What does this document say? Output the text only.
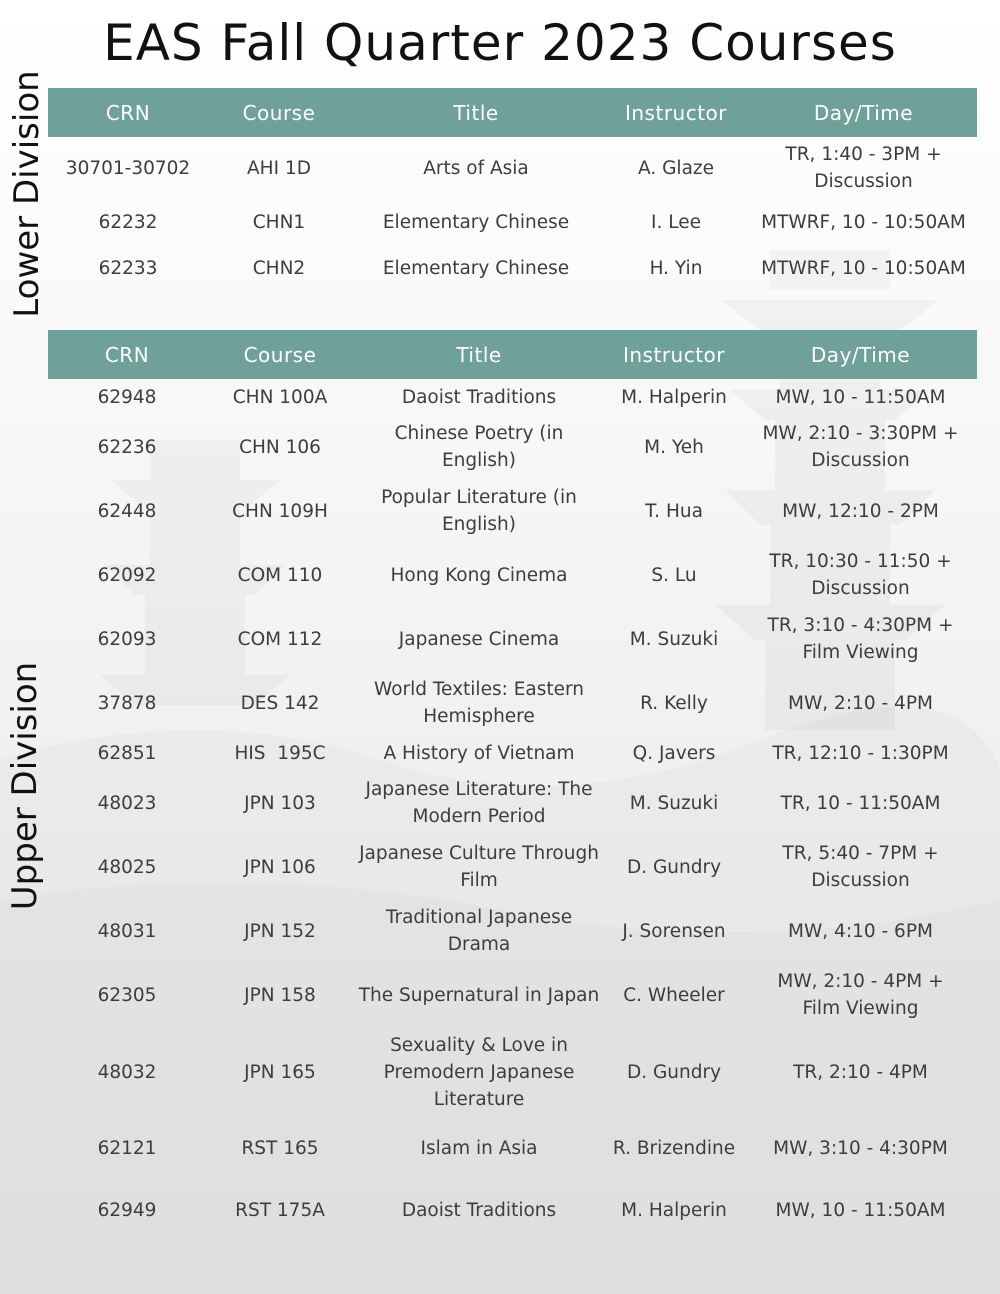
EAS Fall Quarter 2023 Courses
Lower Division
Upper Division
CRN	Course	Title	Instructor	Day/Time
30701-30702	AHI 1D	Arts of Asia	A. Glaze	TR, 1:40 - 3PM + Discussion
62232	CHN1	Elementary Chinese	I. Lee	MTWRF, 10 - 10:50AM
62233	CHN2	Elementary Chinese	H. Yin	MTWRF, 10 - 10:50AM
CRN	Course	Title	Instructor	Day/Time
62948	CHN 100A	Daoist Traditions	M. Halperin	MW, 10 - 11:50AM
62236	CHN 106	Chinese Poetry (in English)	M. Yeh	MW, 2:10 - 3:30PM + Discussion
62448	CHN 109H	Popular Literature (in English)	T. Hua	MW, 12:10 - 2PM
62092	COM 110	Hong Kong Cinema	S. Lu	TR, 10:30 - 11:50 + Discussion
62093	COM 112	Japanese Cinema	M. Suzuki	TR, 3:10 - 4:30PM + Film Viewing
37878	DES 142	World Textiles: Eastern Hemisphere	R. Kelly	MW, 2:10 - 4PM
62851	HIS  195C	A History of Vietnam	Q. Javers	TR, 12:10 - 1:30PM
48023	JPN 103	Japanese Literature: The Modern Period	M. Suzuki	TR, 10 - 11:50AM
48025	JPN 106	Japanese Culture Through Film	D. Gundry	TR, 5:40 - 7PM + Discussion
48031	JPN 152	Traditional Japanese Drama	J. Sorensen	MW, 4:10 - 6PM
62305	JPN 158	The Supernatural in Japan	C. Wheeler	MW, 2:10 - 4PM + Film Viewing
48032	JPN 165	Sexuality & Love in Premodern Japanese Literature	D. Gundry	TR, 2:10 - 4PM
62121	RST 165	Islam in Asia	R. Brizendine	MW, 3:10 - 4:30PM
62949	RST 175A	Daoist Traditions	M. Halperin	MW, 10 - 11:50AM
